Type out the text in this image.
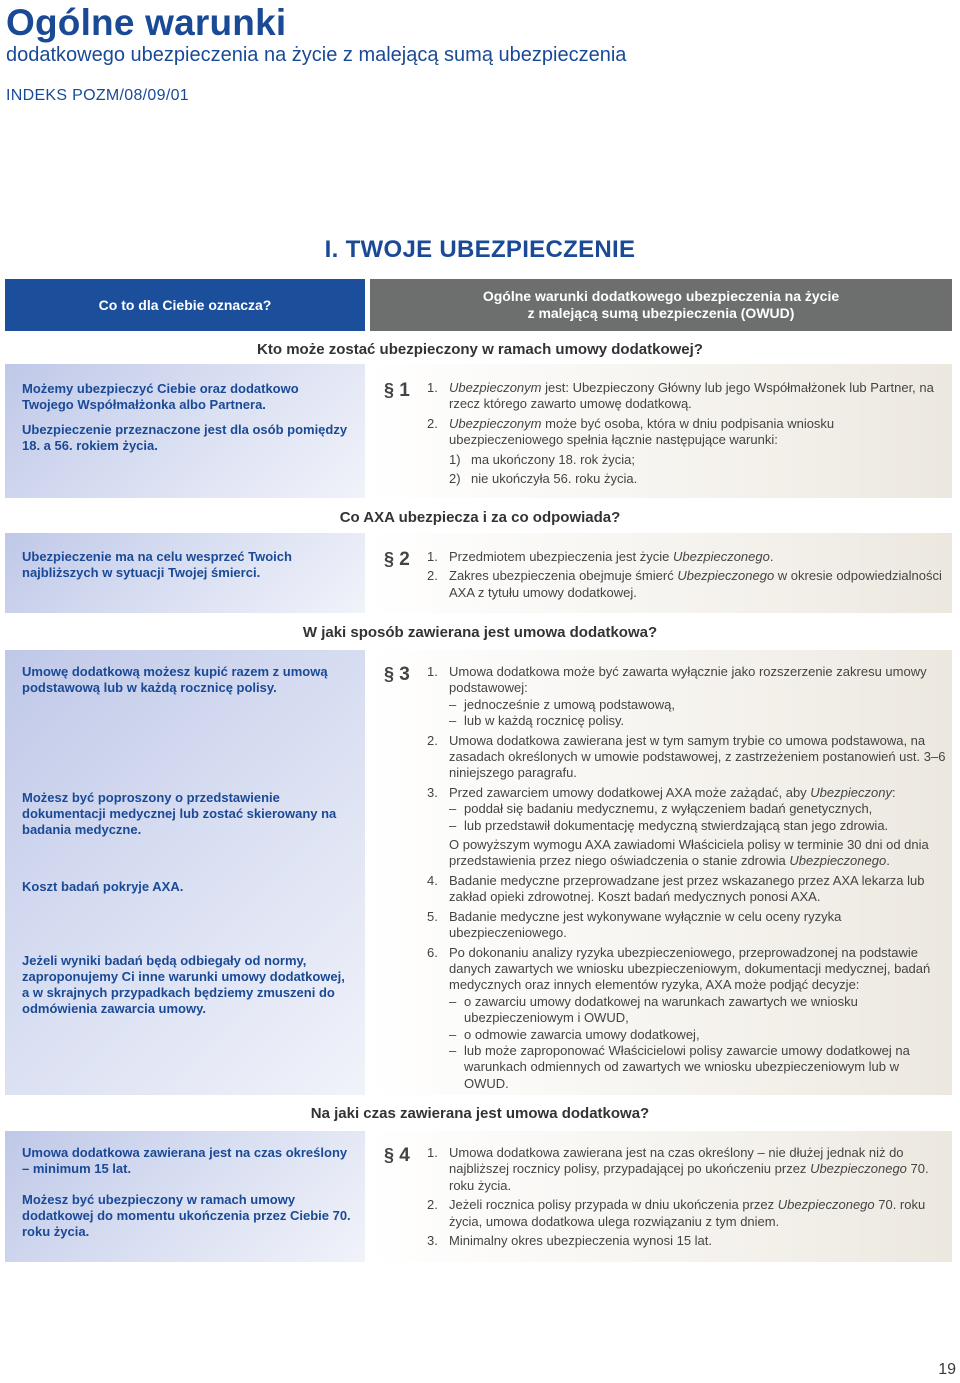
Ogólne warunki
dodatkowego ubezpieczenia na życie z malejącą sumą ubezpieczenia
INDEKS POZM/08/09/01
I. TWOJE UBEZPIECZENIE
Co to dla Ciebie oznacza?
Ogólne warunki dodatkowego ubezpieczenia na życie
z malejącą sumą ubezpieczenia (OWUD)
Kto może zostać ubezpieczony w ramach umowy dodatkowej?
Możemy ubezpieczyć Ciebie oraz dodatkowo Twojego Współmałżonka albo Partnera.
Ubezpieczenie przeznaczone jest dla osób pomiędzy 18. a 56. rokiem życia.
§ 1 1. Ubezpieczonym jest: Ubezpieczony Główny lub jego Współmałżonek lub Partner, na rzecz którego zawarto umowę dodatkową.
2. Ubezpieczonym może być osoba, która w dniu podpisania wniosku ubezpieczeniowego spełnia łącznie następujące warunki:
1) ma ukończony 18. rok życia;
2) nie ukończyła 56. roku życia.
Co AXA ubezpiecza i za co odpowiada?
Ubezpieczenie ma na celu wesprzeć Twoich najbliższych w sytuacji Twojej śmierci.
§ 2 1. Przedmiotem ubezpieczenia jest życie Ubezpieczonego.
2. Zakres ubezpieczenia obejmuje śmierć Ubezpieczonego w okresie odpowiedzialności AXA z tytułu umowy dodatkowej.
W jaki sposób zawierana jest umowa dodatkowa?
Umowę dodatkową możesz kupić razem z umową podstawową lub w każdą rocznicę polisy.
Możesz być poproszony o przedstawienie dokumentacji medycznej lub zostać skierowany na badania medyczne.
Koszt badań pokryje AXA.
Jeżeli wyniki badań będą odbiegały od normy, zaproponujemy Ci inne warunki umowy dodatkowej, a w skrajnych przypadkach będziemy zmuszeni do odmówienia zawarcia umowy.
§ 3 1. Umowa dodatkowa może być zawarta wyłącznie jako rozszerzenie zakresu umowy podstawowej:
– jednocześnie z umową podstawową,
– lub w każdą rocznicę polisy.
2. Umowa dodatkowa zawierana jest w tym samym trybie co umowa podstawowa, na zasadach określonych w umowie podstawowej, z zastrzeżeniem postanowień ust. 3–6 niniejszego paragrafu.
3. Przed zawarciem umowy dodatkowej AXA może zażądać, aby Ubezpieczony:
– poddał się badaniu medycznemu, z wyłączeniem badań genetycznych,
– lub przedstawił dokumentację medyczną stwierdzającą stan jego zdrowia.
O powyższym wymogu AXA zawiadomi Właściciela polisy w terminie 30 dni od dnia przedstawienia przez niego oświadczenia o stanie zdrowia Ubezpieczonego.
4. Badanie medyczne przeprowadzane jest przez wskazanego przez AXA lekarza lub zakład opieki zdrowotnej. Koszt badań medycznych ponosi AXA.
5. Badanie medyczne jest wykonywane wyłącznie w celu oceny ryzyka ubezpieczeniowego.
6. Po dokonaniu analizy ryzyka ubezpieczeniowego, przeprowadzonej na podstawie danych zawartych we wniosku ubezpieczeniowym, dokumentacji medycznej, badań medycznych oraz innych elementów ryzyka, AXA może podjąć decyzje:
– o zawarciu umowy dodatkowej na warunkach zawartych we wniosku ubezpieczeniowym i OWUD,
– o odmowie zawarcia umowy dodatkowej,
– lub może zaproponować Właścicielowi polisy zawarcie umowy dodatkowej na warunkach odmiennych od zawartych we wniosku ubezpieczeniowym lub w OWUD.
Na jaki czas zawierana jest umowa dodatkowa?
Umowa dodatkowa zawierana jest na czas określony – minimum 15 lat.
Możesz być ubezpieczony w ramach umowy dodatkowej do momentu ukończenia przez Ciebie 70. roku życia.
§ 4 1. Umowa dodatkowa zawierana jest na czas określony – nie dłużej jednak niż do najbliższej rocznicy polisy, przypadającej po ukończeniu przez Ubezpieczonego 70. roku życia.
2. Jeżeli rocznica polisy przypada w dniu ukończenia przez Ubezpieczonego 70. roku życia, umowa dodatkowa ulega rozwiązaniu z tym dniem.
3. Minimalny okres ubezpieczenia wynosi 15 lat.
19
